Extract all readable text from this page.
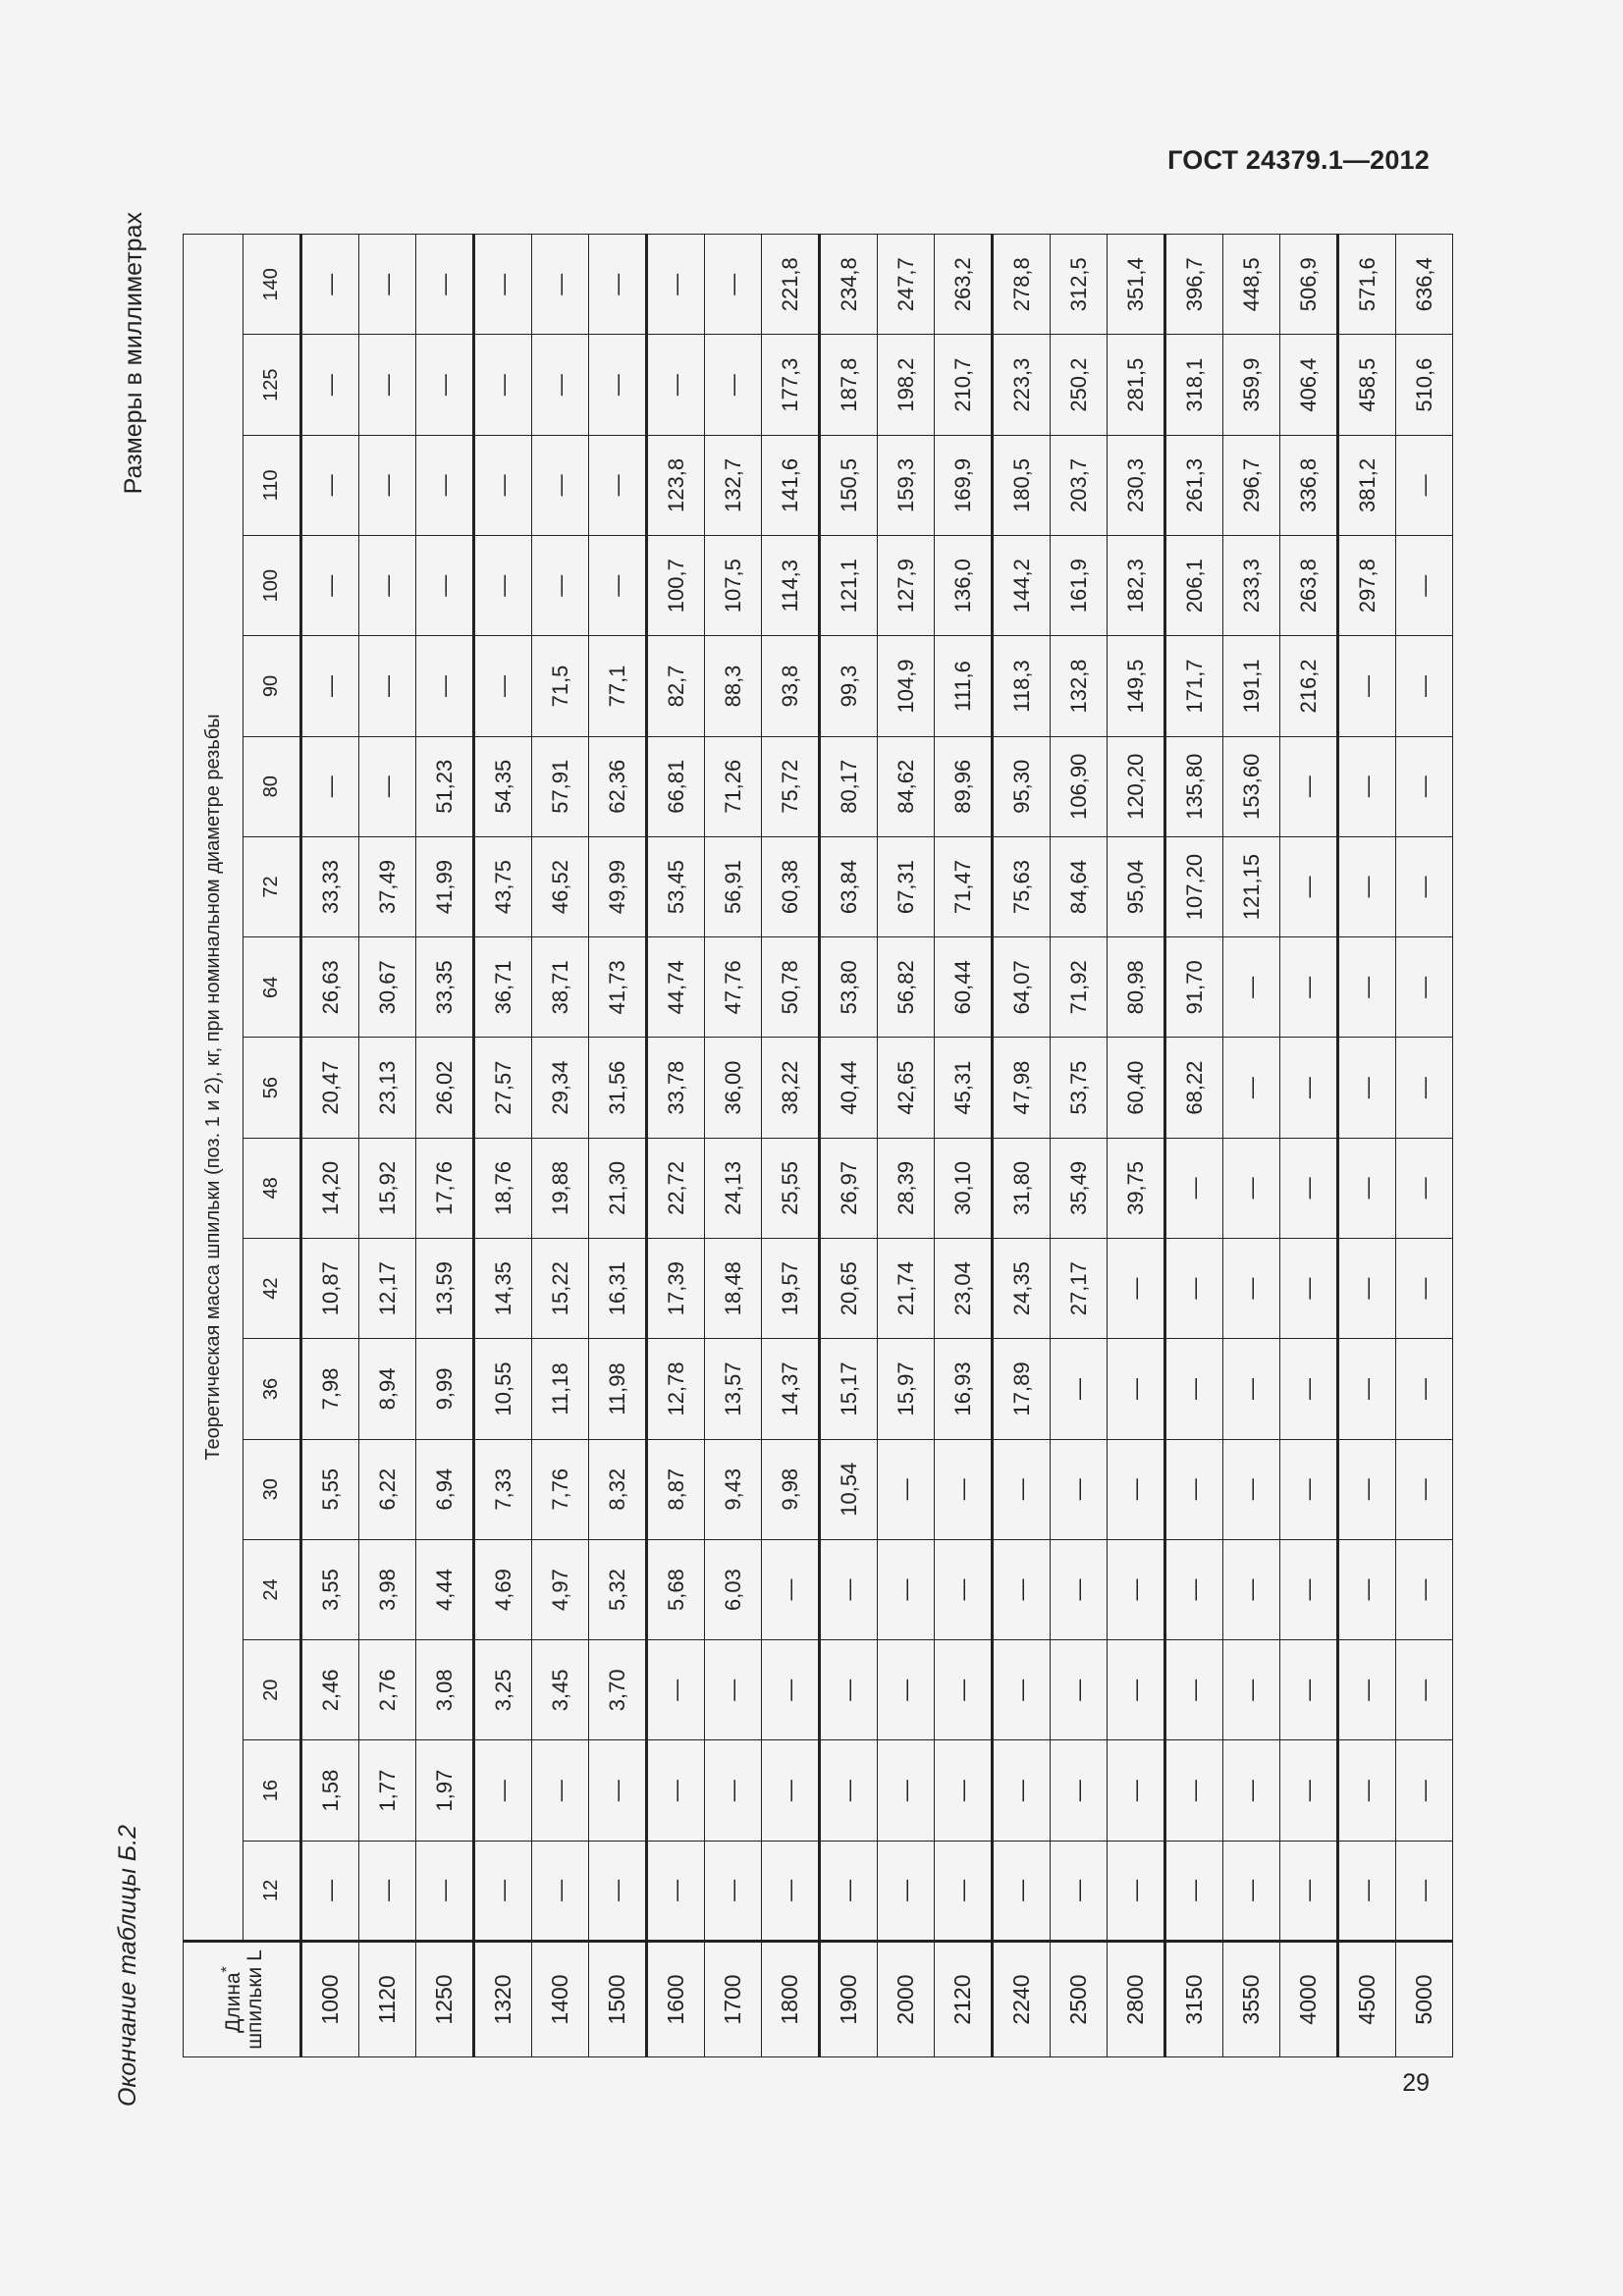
ГОСТ 24379.1—2012
Окончание таблицы Б.2
Размеры в миллиметрах
Длина* шпильки L	Теоретическая масса шпильки (поз. 1 и 2), кг, при номинальном диаметре резьбы																
	12	16	20	24	30	36	42	48	56	64	72	80	90	100	110	125	140
1000	—	1,58	2,46	3,55	5,55	7,98	10,87	14,20	20,47	26,63	33,33	—	—	—	—	—	—
1120	—	1,77	2,76	3,98	6,22	8,94	12,17	15,92	23,13	30,67	37,49	—	—	—	—	—	—
1250	—	1,97	3,08	4,44	6,94	9,99	13,59	17,76	26,02	33,35	41,99	51,23	—	—	—	—	—
1320	—	—	3,25	4,69	7,33	10,55	14,35	18,76	27,57	36,71	43,75	54,35	—	—	—	—	—
1400	—	—	3,45	4,97	7,76	11,18	15,22	19,88	29,34	38,71	46,52	57,91	71,5	—	—	—	—
1500	—	—	3,70	5,32	8,32	11,98	16,31	21,30	31,56	41,73	49,99	62,36	77,1	—	—	—	—
1600	—	—	—	5,68	8,87	12,78	17,39	22,72	33,78	44,74	53,45	66,81	82,7	100,7	123,8	—	—
1700	—	—	—	6,03	9,43	13,57	18,48	24,13	36,00	47,76	56,91	71,26	88,3	107,5	132,7	—	—
1800	—	—	—	—	9,98	14,37	19,57	25,55	38,22	50,78	60,38	75,72	93,8	114,3	141,6	177,3	221,8
1900	—	—	—	—	10,54	15,17	20,65	26,97	40,44	53,80	63,84	80,17	99,3	121,1	150,5	187,8	234,8
2000	—	—	—	—	—	15,97	21,74	28,39	42,65	56,82	67,31	84,62	104,9	127,9	159,3	198,2	247,7
2120	—	—	—	—	—	16,93	23,04	30,10	45,31	60,44	71,47	89,96	111,6	136,0	169,9	210,7	263,2
2240	—	—	—	—	—	17,89	24,35	31,80	47,98	64,07	75,63	95,30	118,3	144,2	180,5	223,3	278,8
2500	—	—	—	—	—	—	27,17	35,49	53,75	71,92	84,64	106,90	132,8	161,9	203,7	250,2	312,5
2800	—	—	—	—	—	—	—	39,75	60,40	80,98	95,04	120,20	149,5	182,3	230,3	281,5	351,4
3150	—	—	—	—	—	—	—	—	68,22	91,70	107,20	135,80	171,7	206,1	261,3	318,1	396,7
3550	—	—	—	—	—	—	—	—	—	—	121,15	153,60	191,1	233,3	296,7	359,9	448,5
4000	—	—	—	—	—	—	—	—	—	—	—	—	216,2	263,8	336,8	406,4	506,9
4500	—	—	—	—	—	—	—	—	—	—	—	—	—	297,8	381,2	458,5	571,6
5000	—	—	—	—	—	—	—	—	—	—	—	—	—	—	—	510,6	636,4
29
